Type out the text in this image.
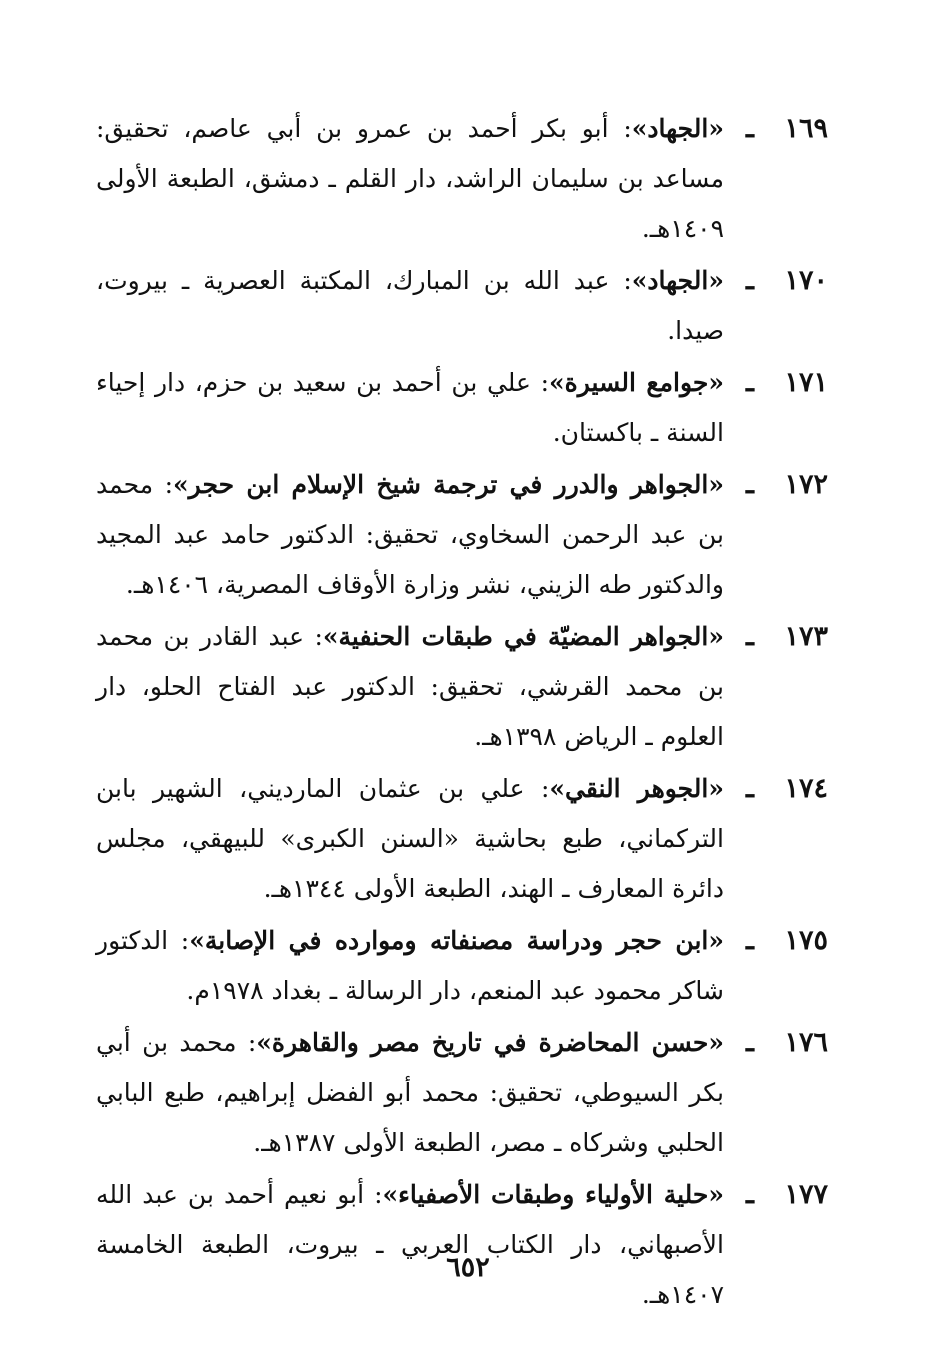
١٦٩
ـ
«الجهاد»: أبو بكر أحمد بن عمرو بن أبي عاصم، تحقيق: مساعد بن سليمان الراشد، دار القلم ـ دمشق، الطبعة الأولى ١٤٠٩هـ.
١٧٠
ـ
«الجهاد»: عبد الله بن المبارك، المكتبة العصرية ـ بيروت، صيدا.
١٧١
ـ
«جوامع السيرة»: علي بن أحمد بن سعيد بن حزم، دار إحياء السنة ـ باكستان.
١٧٢
ـ
«الجواهر والدرر في ترجمة شيخ الإسلام ابن حجر»: محمد بن عبد الرحمن السخاوي، تحقيق: الدكتور حامد عبد المجيد والدكتور طه الزيني، نشر وزارة الأوقاف المصرية، ١٤٠٦هـ.
١٧٣
ـ
«الجواهر المضيّة في طبقات الحنفية»: عبد القادر بن محمد بن محمد القرشي، تحقيق: الدكتور عبد الفتاح الحلو، دار العلوم ـ الرياض ١٣٩٨هـ.
١٧٤
ـ
«الجوهر النقي»: علي بن عثمان المارديني، الشهير بابن التركماني، طبع بحاشية «السنن الكبرى» للبيهقي، مجلس دائرة المعارف ـ الهند، الطبعة الأولى ١٣٤٤هـ.
١٧٥
ـ
«ابن حجر ودراسة مصنفاته وموارده في الإصابة»: الدكتور شاكر محمود عبد المنعم، دار الرسالة ـ بغداد ١٩٧٨م.
١٧٦
ـ
«حسن المحاضرة في تاريخ مصر والقاهرة»: محمد بن أبي بكر السيوطي، تحقيق: محمد أبو الفضل إبراهيم، طبع البابي الحلبي وشركاه ـ مصر، الطبعة الأولى ١٣٨٧هـ.
١٧٧
ـ
«حلية الأولياء وطبقات الأصفياء»: أبو نعيم أحمد بن عبد الله الأصبهاني، دار الكتاب العربي ـ بيروت، الطبعة الخامسة ١٤٠٧هـ.
٦٥٢
